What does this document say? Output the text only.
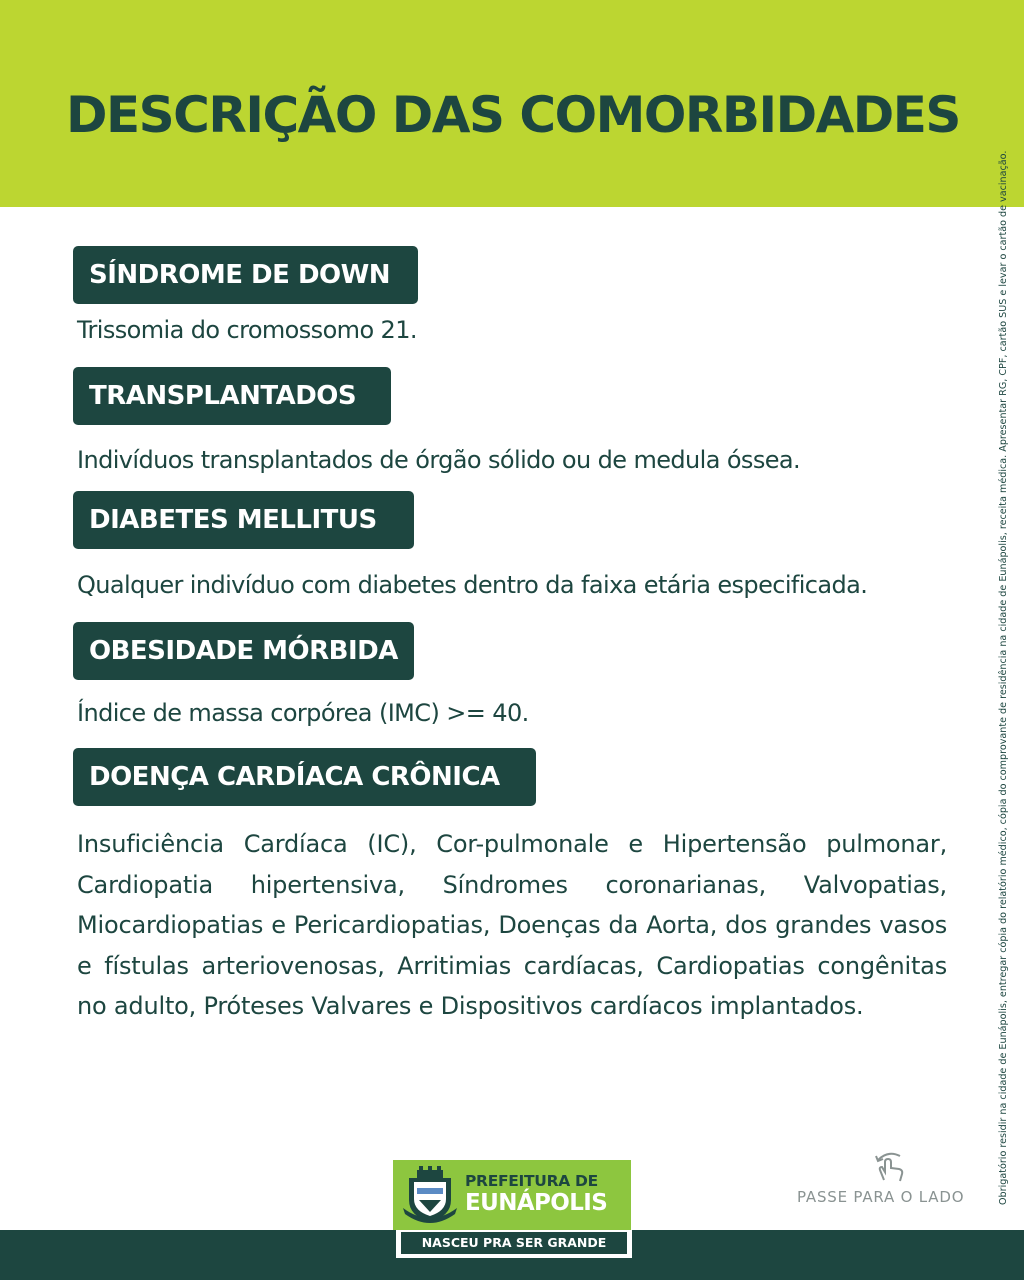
DESCRIÇÃO DAS COMORBIDADES
SÍNDROME DE DOWN
Trissomia do cromossomo 21.
TRANSPLANTADOS
Indivíduos transplantados de órgão sólido ou de medula óssea.
DIABETES MELLITUS
Qualquer indivíduo com diabetes dentro da faixa etária especificada.
OBESIDADE MÓRBIDA
Índice de massa corpórea (IMC) >= 40.
DOENÇA CARDÍACA CRÔNICA
Insuficiência Cardíaca (IC), Cor-pulmonale e Hipertensão pulmonar, Cardiopatia hipertensiva, Síndromes coronarianas, Valvopatias, Miocardiopatias e Pericardiopatias, Doenças da Aorta, dos grandes vasos e fístulas arteriovenosas, Arritimias cardíacas, Cardiopatias congênitas no adulto, Próteses Valvares e Dispositivos cardíacos implantados.	Obrigatório residir na cidade de Eunápolis, entregar cópia do relatório médico, cópia do comprovante de residência na cidade de Eunápolis, receita médica. Apresentar RG, CPF, cartão SUS e levar o cartão de vacinação.
PREFEITURA DE
EUNÁPOLIS
NASCEU PRA SER GRANDE
PASSE PARA O LADO
